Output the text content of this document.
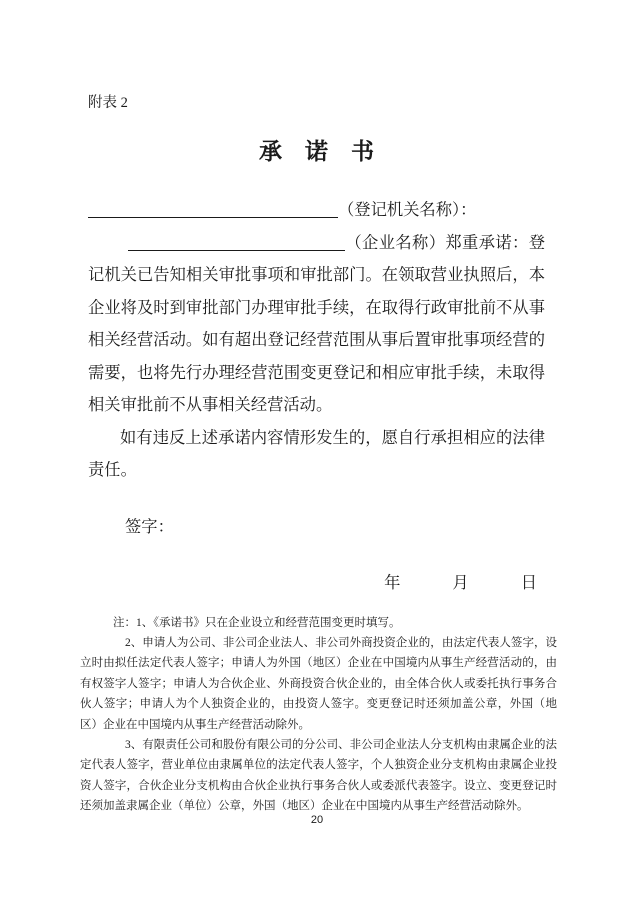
附表 2
承　诺　书

（登记机关名称）：

（企业名称）郑重承诺：登记机关已告知相关审批事项和审批部门。在领取营业执照后，本企业将及时到审批部门办理审批手续，在取得行政审批前不从事相关经营活动。如有超出登记经营范围从事后置审批事项经营的需要，也将先行办理经营范围变更登记和相应审批手续，未取得相关审批前不从事相关经营活动。

如有违反上述承诺内容情形发生的，愿自行承担相应的法律责任。

签字：

年	月	日

注：1、《承诺书》只在企业设立和经营范围变更时填写。

2、申请人为公司、非公司企业法人、非公司外商投资企业的，由法定代表人签字，设立时由拟任法定代表人签字；申请人为外国（地区）企业在中国境内从事生产经营活动的，由有权签字人签字；申请人为合伙企业、外商投资合伙企业的，由全体合伙人或委托执行事务合伙人签字；申请人为个人独资企业的，由投资人签字。变更登记时还须加盖公章，外国（地区）企业在中国境内从事生产经营活动除外。

3、有限责任公司和股份有限公司的分公司、非公司企业法人分支机构由隶属企业的法定代表人签字，营业单位由隶属单位的法定代表人签字，个人独资企业分支机构由隶属企业投资人签字，合伙企业分支机构由合伙企业执行事务合伙人或委派代表签字。设立、变更登记时还须加盖隶属企业（单位）公章，外国（地区）企业在中国境内从事生产经营活动除外。

20
